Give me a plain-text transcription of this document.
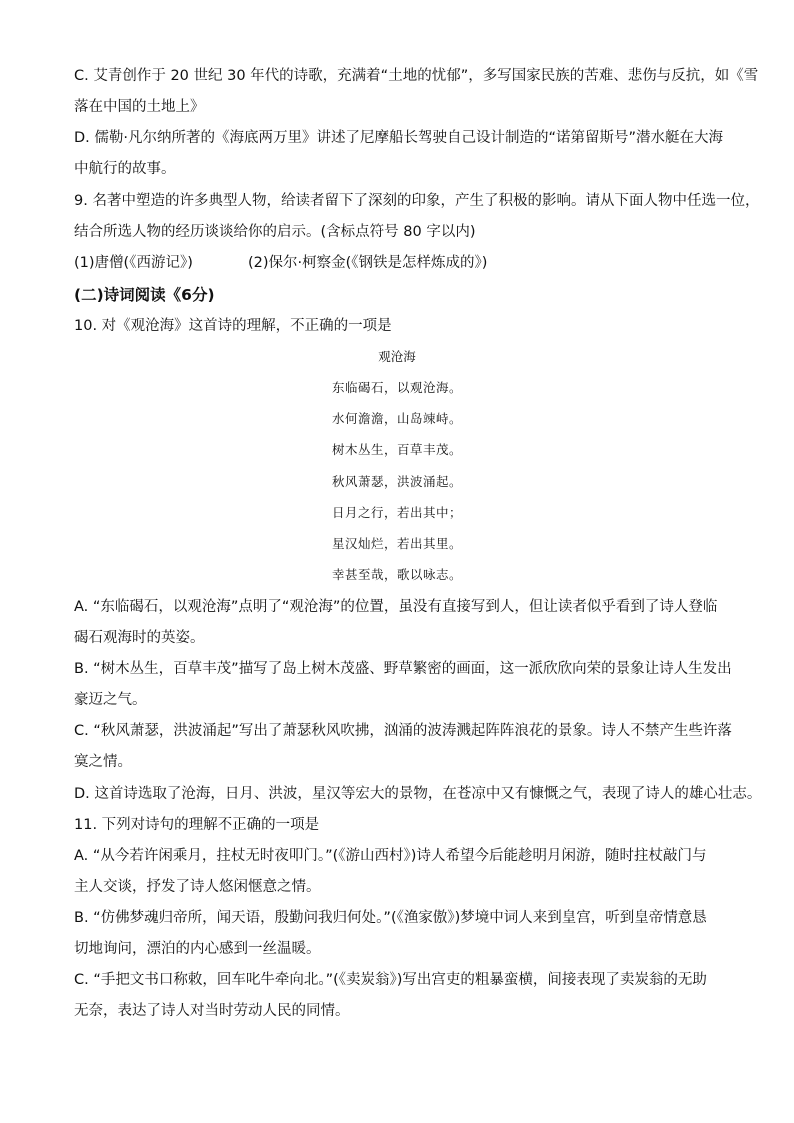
C. 艾青创作于 20 世纪 30 年代的诗歌，充满着“土地的忧郁”，多写国家民族的苦难、悲伤与反抗，如《雪
落在中国的土地上》
D. 儒勒·凡尔纳所著的《海底两万里》讲述了尼摩船长驾驶自己设计制造的“诺第留斯号”潜水艇在大海
中航行的故事。
9. 名著中塑造的许多典型人物，给读者留下了深刻的印象，产生了积极的影响。请从下面人物中任选一位，
结合所选人物的经历谈谈给你的启示。(含标点符号 80 字以内)
(1)唐僧(《西游记》)	(2)保尔·柯察金(《钢铁是怎样炼成的》)
(二)诗词阅读《6分)
10. 对《观沧海》这首诗的理解，不正确的一项是
观沧海
东临碣石，以观沧海。
水何澹澹，山岛竦峙。
树木丛生，百草丰茂。
秋风萧瑟，洪波涌起。
日月之行，若出其中；
星汉灿烂，若出其里。
幸甚至哉，歌以咏志。
A. “东临碣石，以观沧海”点明了“观沧海”的位置，虽没有直接写到人，但让读者似乎看到了诗人登临
碣石观海时的英姿。
B. “树木丛生，百草丰茂”描写了岛上树木茂盛、野草繁密的画面，这一派欣欣向荣的景象让诗人生发出
豪迈之气。
C. “秋风萧瑟，洪波涌起”写出了萧瑟秋风吹拂，汹涌的波涛溅起阵阵浪花的景象。诗人不禁产生些许落
寞之情。
D. 这首诗选取了沧海，日月、洪波，星汉等宏大的景物，在苍凉中又有慷慨之气，表现了诗人的雄心壮志。
11. 下列对诗句的理解不正确的一项是
A. “从今若许闲乘月，拄杖无时夜叩门。”(《游山西村》)诗人希望今后能趁明月闲游，随时拄杖敲门与
主人交谈，抒发了诗人悠闲惬意之情。
B. “仿佛梦魂归帝所，闻天语，殷勤问我归何处。”(《渔家傲》)梦境中词人来到皇宫，听到皇帝情意恳
切地询问，漂泊的内心感到一丝温暖。
C. “手把文书口称敕，回车叱牛牵向北。”(《卖炭翁》)写出宫吏的粗暴蛮横，间接表现了卖炭翁的无助
无奈，表达了诗人对当时劳动人民的同情。
